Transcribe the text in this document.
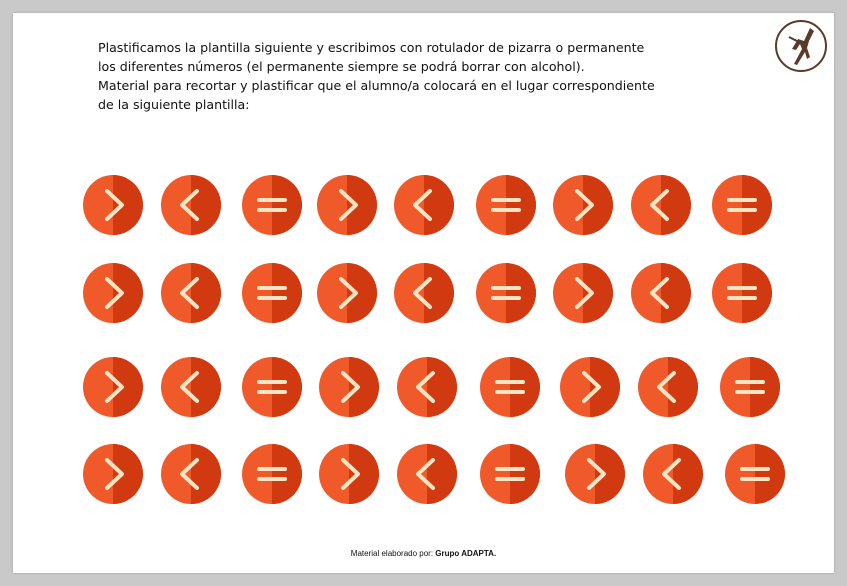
Plastificamos la plantilla siguiente y escribimos con rotulador de pizarra o permanente
los diferentes números (el permanente siempre se podrá borrar con alcohol).
Material para recortar y plastificar que el alumno/a colocará en el lugar correspondiente
de la siguiente plantilla:
Material elaborado por: Grupo ADAPTA.
